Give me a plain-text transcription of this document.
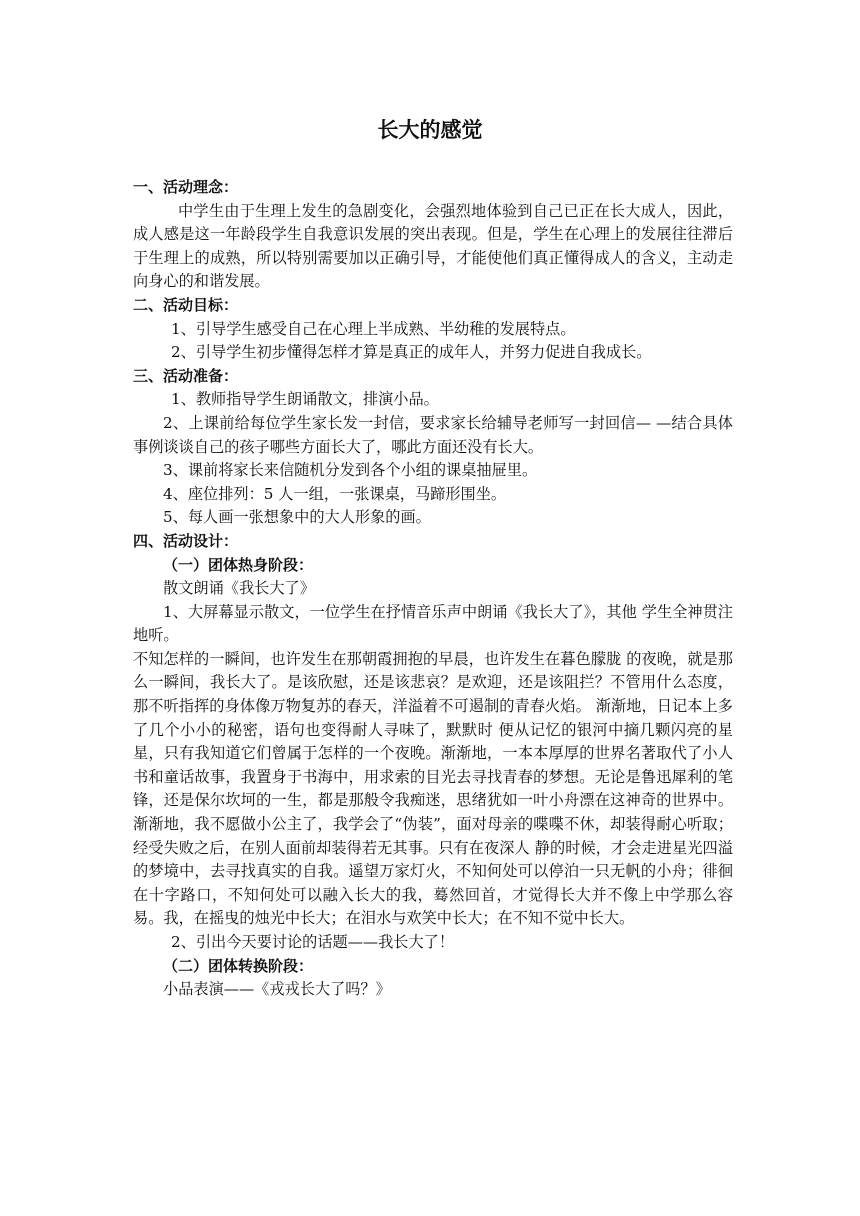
长大的感觉

一、活动理念：

中学生由于生理上发生的急剧变化，会强烈地体验到自己已正在长大成人，因此，成人感是这一年龄段学生自我意识发展的突出表现。但是，学生在心理上的发展往往滞后于生理上的成熟，所以特别需要加以正确引导，才能使他们真正懂得成人的含义，主动走向身心的和谐发展。

二、活动目标：

1、引导学生感受自己在心理上半成熟、半幼稚的发展特点。

2、引导学生初步懂得怎样才算是真正的成年人，并努力促进自我成长。

三、活动准备：

1、教师指导学生朗诵散文，排演小品。

2、上课前给每位学生家长发一封信，要求家长给辅导老师写一封回信— —结合具体事例谈谈自己的孩子哪些方面长大了，哪此方面还没有长大。

3、课前将家长来信随机分发到各个小组的课桌抽屉里。

4、座位排列：5 人一组，一张课桌，马蹄形围坐。

5、每人画一张想象中的大人形象的画。

四、活动设计：

（一）团体热身阶段：

散文朗诵《我长大了》

1、大屏幕显示散文，一位学生在抒情音乐声中朗诵《我长大了》，其他 学生全神贯注地听。

不知怎样的一瞬间，也许发生在那朝霞拥抱的早晨，也许发生在暮色朦胧 的夜晚，就是那么一瞬间，我长大了。是该欣慰，还是该悲哀？是欢迎，还是该阻拦？不管用什么态度，那不听指挥的身体像万物复苏的春天，洋溢着不可遏制的青春火焰。 渐渐地，日记本上多了几个小小的秘密，语句也变得耐人寻味了，默默时 便从记忆的银河中摘几颗闪亮的星星，只有我知道它们曾属于怎样的一个夜晚。渐渐地，一本本厚厚的世界名著取代了小人书和童话故事，我置身于书海中，用求索的目光去寻找青春的梦想。无论是鲁迅犀利的笔锋，还是保尔坎坷的一生，都是那般令我痴迷，思绪犹如一叶小舟漂在这神奇的世界中。渐渐地，我不愿做小公主了，我学会了“伪装”，面对母亲的喋喋不休，却装得耐心听取；经受失败之后，在别人面前却装得若无其事。只有在夜深人 静的时候，才会走进星光四溢的梦境中，去寻找真实的自我。遥望万家灯火，不知何处可以停泊一只无帆的小舟；徘徊在十字路口，不知何处可以融入长大的我，蓦然回首，才觉得长大并不像上中学那么容易。我，在摇曳的烛光中长大；在泪水与欢笑中长大；在不知不觉中长大。

2、引出今天要讨论的话题——我长大了！

（二）团体转换阶段：

小品表演——《戎戎长大了吗？》
